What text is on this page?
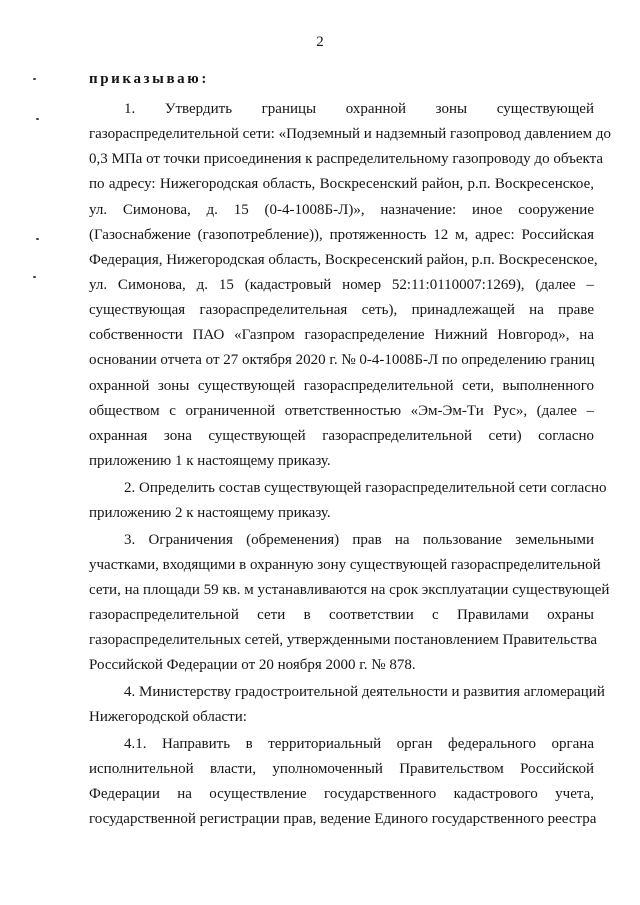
2
приказываю:
1. Утвердить границы охранной зоны существующей
газораспределительной сети: «Подземный и надземный газопровод давлением до
0,3 МПа от точки присоединения к распределительному газопроводу до объекта
по адресу: Нижегородская область, Воскресенский район, р.п. Воскресенское,
ул. Симонова, д. 15 (0-4-1008Б-Л)», назначение: иное сооружение
(Газоснабжение (газопотребление)), протяженность 12 м, адрес: Российская
Федерация, Нижегородская область, Воскресенский район, р.п. Воскресенское,
ул. Симонова, д. 15 (кадастровый номер 52:11:0110007:1269), (далее –
существующая газораспределительная сеть), принадлежащей на праве
собственности ПАО «Газпром газораспределение Нижний Новгород», на
основании отчета от 27 октября 2020 г. № 0-4-1008Б-Л по определению границ
охранной зоны существующей газораспределительной сети, выполненного
обществом с ограниченной ответственностью «Эм-Эм-Ти Рус», (далее –
охранная зона существующей газораспределительной сети) согласно
приложению 1 к настоящему приказу.
2. Определить состав существующей газораспределительной сети согласно
приложению 2 к настоящему приказу.
3. Ограничения (обременения) прав на пользование земельными
участками, входящими в охранную зону существующей газораспределительной
сети, на площади 59 кв. м устанавливаются на срок эксплуатации существующей
газораспределительной сети в соответствии с Правилами охраны
газораспределительных сетей, утвержденными постановлением Правительства
Российской Федерации от 20 ноября 2000 г. № 878.
4. Министерству градостроительной деятельности и развития агломераций
Нижегородской области:
4.1. Направить в территориальный орган федерального органа
исполнительной власти, уполномоченный Правительством Российской
Федерации на осуществление государственного кадастрового учета,
государственной регистрации прав, ведение Единого государственного реестра
